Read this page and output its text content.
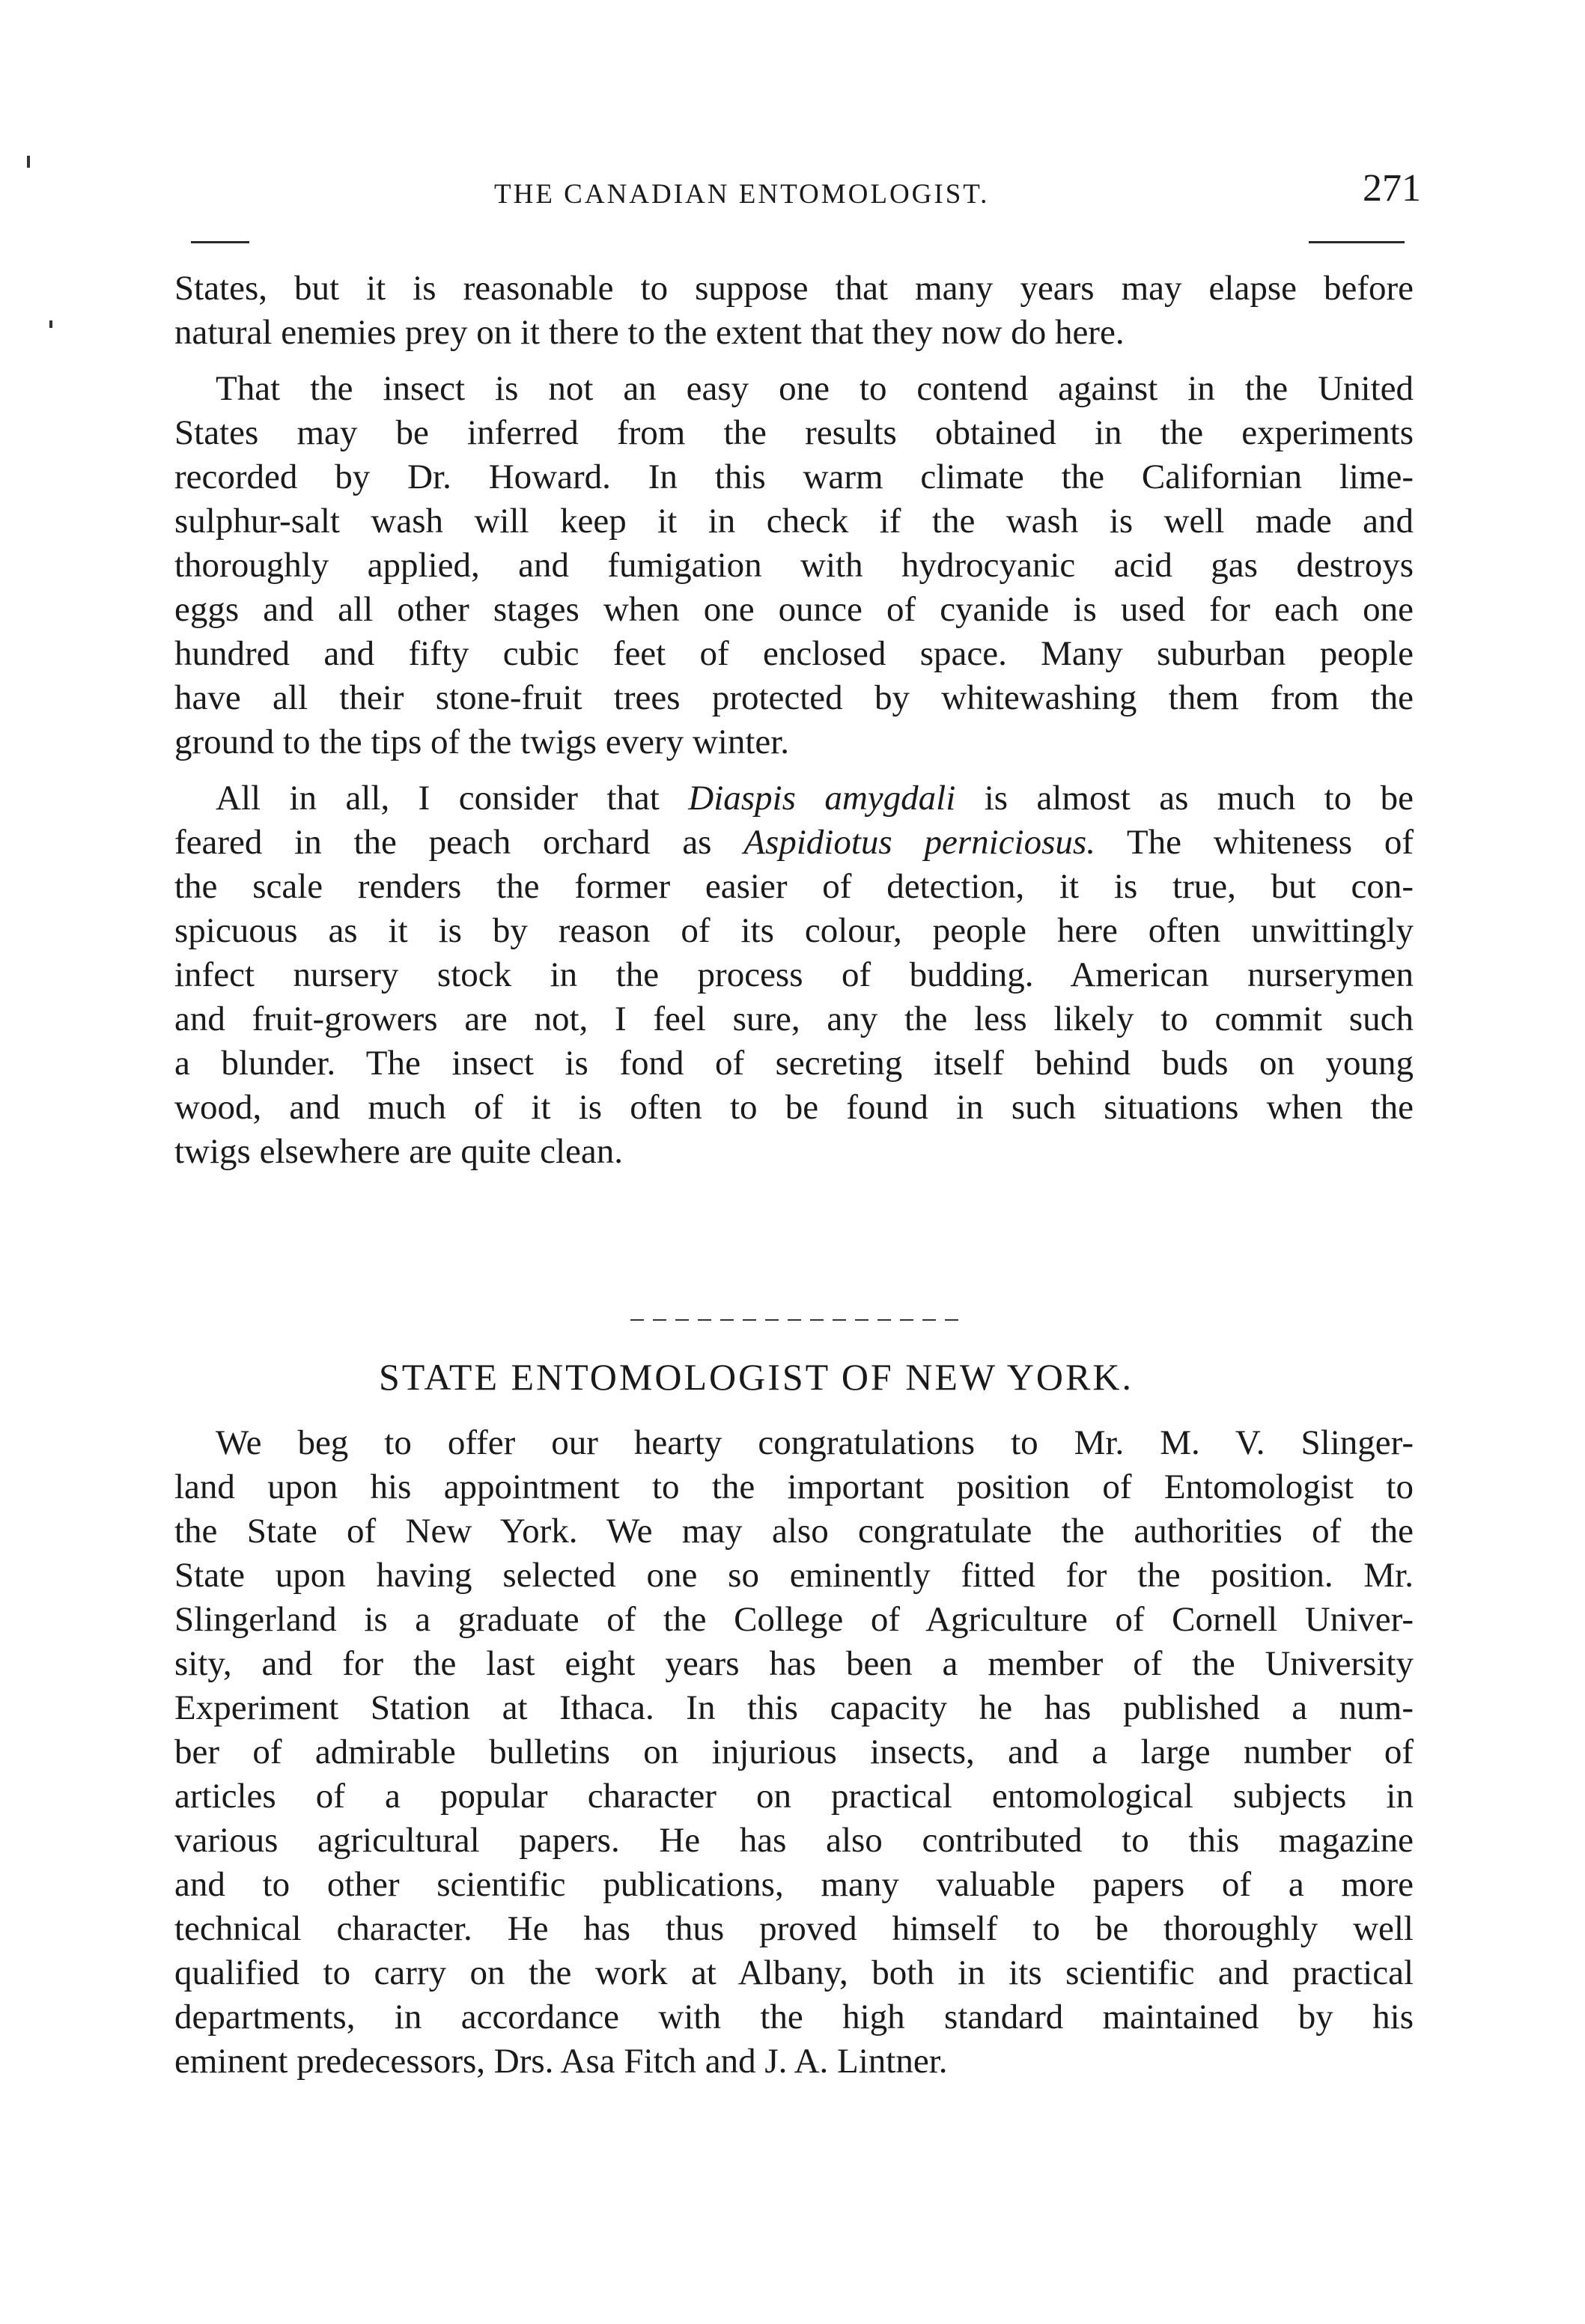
THE CANADIAN ENTOMOLOGIST.	271
States, but it is reasonable to suppose that many years may elapse before
natural enemies prey on it there to the extent that they now do here.
That the insect is not an easy one to contend against in the United
States may be inferred from the results obtained in the experiments
recorded by Dr. Howard. In this warm climate the Californian lime-
sulphur-salt wash will keep it in check if the wash is well made and
thoroughly applied, and fumigation with hydrocyanic acid gas destroys
eggs and all other stages when one ounce of cyanide is used for each one
hundred and fifty cubic feet of enclosed space. Many suburban people
have all their stone-fruit trees protected by whitewashing them from the
ground to the tips of the twigs every winter.
All in all, I consider that Diaspis amygdali is almost as much to be
feared in the peach orchard as Aspidiotus perniciosus. The whiteness of
the scale renders the former easier of detection, it is true, but con-
spicuous as it is by reason of its colour, people here often unwittingly
infect nursery stock in the process of budding. American nurserymen
and fruit-growers are not, I feel sure, any the less likely to commit such
a blunder. The insect is fond of secreting itself behind buds on young
wood, and much of it is often to be found in such situations when the
twigs elsewhere are quite clean.
STATE ENTOMOLOGIST OF NEW YORK.
We beg to offer our hearty congratulations to Mr. M. V. Slinger-
land upon his appointment to the important position of Entomologist to
the State of New York. We may also congratulate the authorities of the
State upon having selected one so eminently fitted for the position. Mr.
Slingerland is a graduate of the College of Agriculture of Cornell Univer-
sity, and for the last eight years has been a member of the University
Experiment Station at Ithaca. In this capacity he has published a num-
ber of admirable bulletins on injurious insects, and a large number of
articles of a popular character on practical entomological subjects in
various agricultural papers. He has also contributed to this magazine
and to other scientific publications, many valuable papers of a more
technical character. He has thus proved himself to be thoroughly well
qualified to carry on the work at Albany, both in its scientific and practical
departments, in accordance with the high standard maintained by his
eminent predecessors, Drs. Asa Fitch and J. A. Lintner.
